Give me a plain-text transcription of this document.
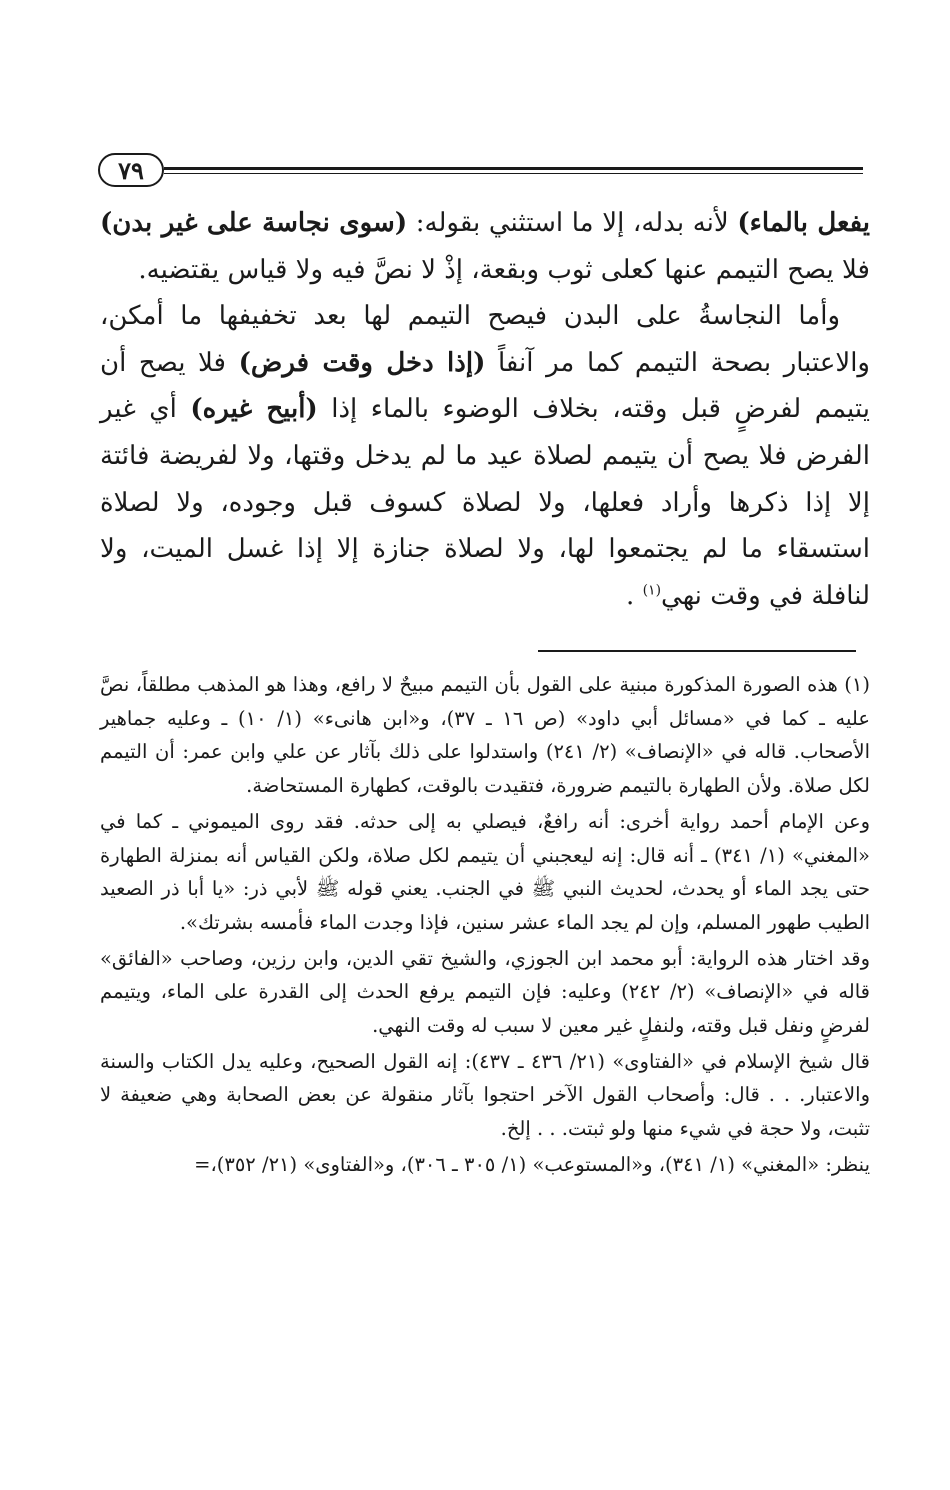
٧٩

يفعل بالماء) لأنه بدله، إلا ما استثني بقوله: (سوى نجاسة على غير بدن) فلا يصح التيمم عنها كعلى ثوب وبقعة، إذْ لا نصَّ فيه ولا قياس يقتضيه.

وأما النجاسةُ على البدن فيصح التيمم لها بعد تخفيفها ما أمكن، والاعتبار بصحة التيمم كما مر آنفاً (إذا دخل وقت فرض) فلا يصح أن يتيمم لفرضٍ قبل وقته، بخلاف الوضوء بالماء إذا (أبيح غيره) أي غير الفرض فلا يصح أن يتيمم لصلاة عيد ما لم يدخل وقتها، ولا لفريضة فائتة إلا إذا ذكرها وأراد فعلها، ولا لصلاة كسوف قبل وجوده، ولا لصلاة استسقاء ما لم يجتمعوا لها، ولا لصلاة جنازة إلا إذا غسل الميت، ولا لنافلة في وقت نهي$^{(١)}$ .

(١) هذه الصورة المذكورة مبنية على القول بأن التيمم مبيحٌ لا رافع، وهذا هو المذهب مطلقاً، نصَّ عليه ـ كما في «مسائل أبي داود» (ص ١٦ ـ ٣٧)، و«ابن هانىء» (١/ ١٠) ـ وعليه جماهير الأصحاب. قاله في «الإنصاف» (٢/ ٢٤١) واستدلوا على ذلك بآثار عن علي وابن عمر: أن التيمم لكل صلاة. ولأن الطهارة بالتيمم ضرورة، فتقيدت بالوقت، كطهارة المستحاضة.

وعن الإمام أحمد رواية أخرى: أنه رافعٌ، فيصلي به إلى حدثه. فقد روى الميموني ـ كما في «المغني» (١/ ٣٤١) ـ أنه قال: إنه ليعجبني أن يتيمم لكل صلاة، ولكن القياس أنه بمنزلة الطهارة حتى يجد الماء أو يحدث، لحديث النبي ﷺ في الجنب. يعني قوله ﷺ لأبي ذر: «يا أبا ذر الصعيد الطيب طهور المسلم، وإن لم يجد الماء عشر سنين، فإذا وجدت الماء فأمسه بشرتك».

وقد اختار هذه الرواية: أبو محمد ابن الجوزي، والشيخ تقي الدين، وابن رزين، وصاحب «الفائق» قاله في «الإنصاف» (٢/ ٢٤٢) وعليه: فإن التيمم يرفع الحدث إلى القدرة على الماء، ويتيمم لفرضٍ ونفل قبل وقته، ولنفلٍ غير معين لا سبب له وقت النهي.

قال شيخ الإسلام في «الفتاوى» (٢١/ ٤٣٦ ـ ٤٣٧): إنه القول الصحيح، وعليه يدل الكتاب والسنة والاعتبار. . . قال: وأصحاب القول الآخر احتجوا بآثار منقولة عن بعض الصحابة وهي ضعيفة لا تثبت، ولا حجة في شيء منها ولو ثبتت. . . إلخ.

ينظر: «المغني» (١/ ٣٤١)، و«المستوعب» (١/ ٣٠٥ ـ ٣٠٦)، و«الفتاوى» (٢١/ ٣٥٢)،=
